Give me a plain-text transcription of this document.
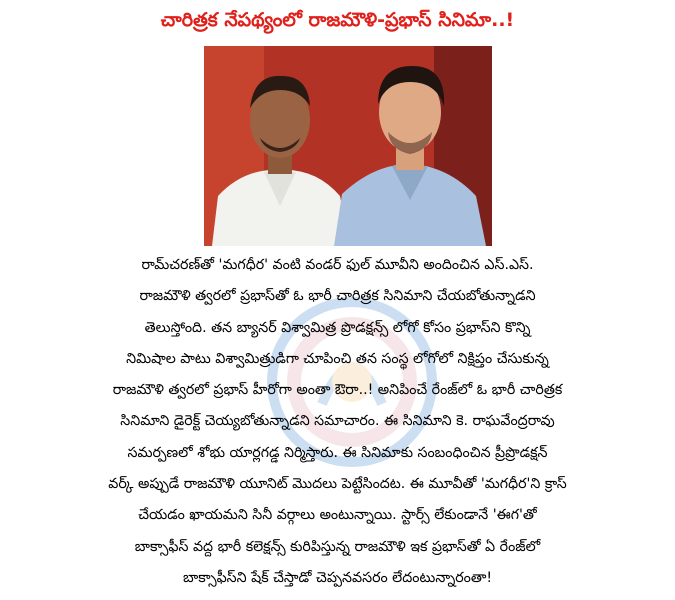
చారిత్రక నేపథ్యంలో రాజమౌళి-ప్రభాస్ సినిమా..!
రామ్‌చరణ్‌తో 'మగధీర' వంటి వండర్ ఫుల్ మూవీని అందించిన ఎస్.ఎస్.
రాజమౌళి త్వరలో ప్రభాస్‌తో ఓ భారీ చారిత్రక సినిమాని చేయబోతున్నాడని
తెలుస్తోంది. తన బ్యానర్ విశ్వామిత్ర ప్రొడక్షన్స్ లోగో కోసం ప్రభాస్‌ని కొన్ని
నిమిషాల పాటు విశ్వామిత్రుడిగా చూపించి తన సంస్థ లోగోలో నిక్షిప్తం చేసుకున్న
రాజమౌళి త్వరలో ప్రభాస్ హీరోగా అంతా ఔరా..! అనిపించే రేంజ్‌లో ఓ భారీ చారిత్రక
సినిమాని డైరెక్ట్ చెయ్యబోతున్నాడని సమాచారం. ఈ సినిమాని కె. రాఘవేంద్రరావు
సమర్పణలో శోభు యార్లగడ్డ నిర్మిస్తారు. ఈ సినిమాకు సంబంధించిన ప్రీప్రొడక్షన్
వర్క్ అప్పుడే రాజమౌళి యూనిట్ మొదలు పెట్టేసిందట. ఈ మూవీతో 'మగధీర'ని క్రాస్
చేయడం ఖాయమని సినీ వర్గాలు అంటున్నాయి. స్టార్స్ లేకుండానే 'ఈగ'తో
బాక్సాఫీస్ వద్ద భారీ కలెక్షన్స్ కురిపిస్తున్న రాజమౌళి ఇక ప్రభాస్‌తో ఏ రేంజ్‌లో
బాక్సాఫీస్‌ని షేక్ చేస్తాడో చెప్పనవసరం లేదంటున్నారంతా!
